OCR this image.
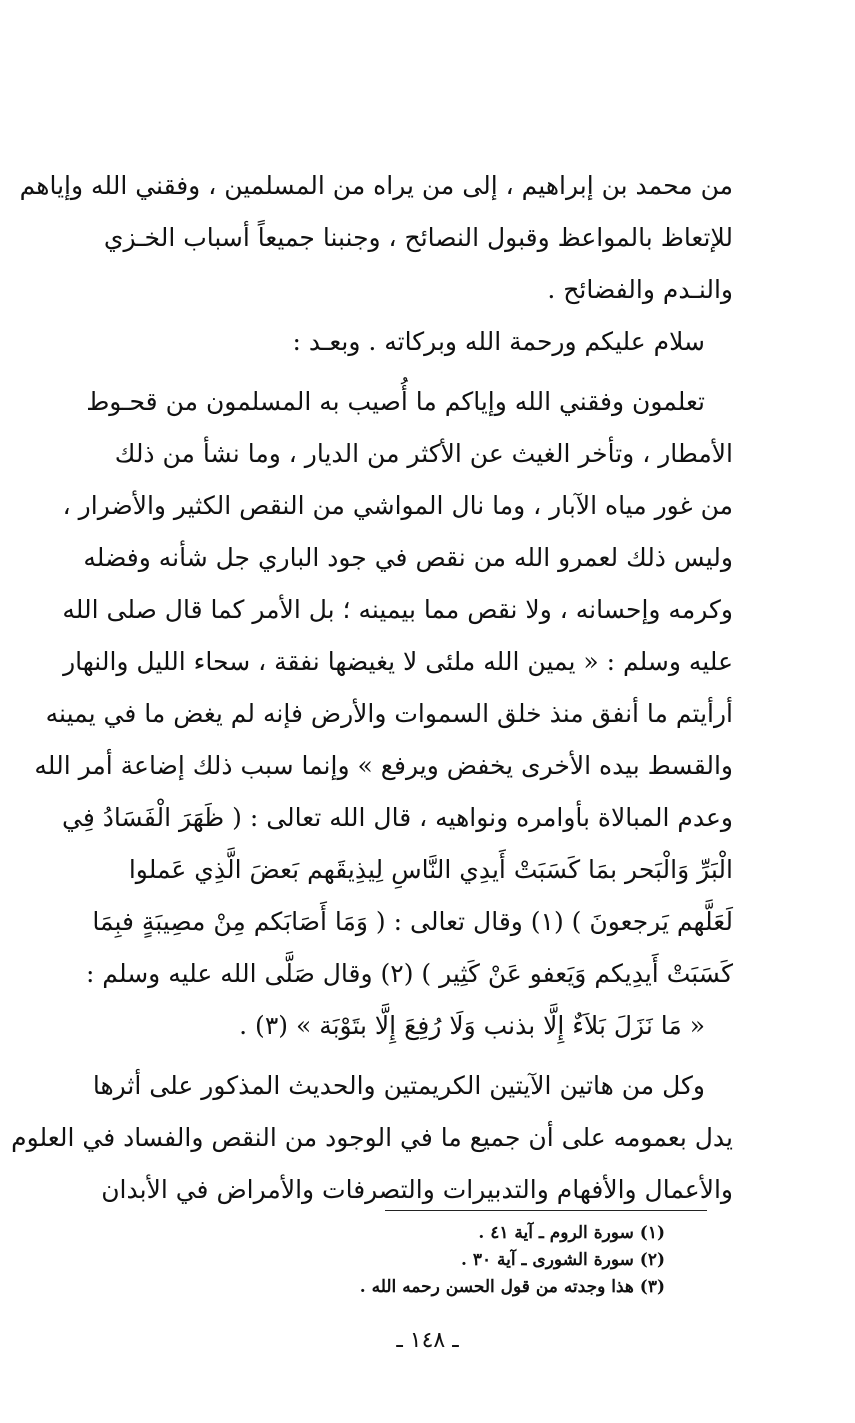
من محمد بن إبراهيم ، إلى من يراه من المسلمين ، وفقني الله وإياهم
للإتعاظ بالمواعظ وقبول النصائح ، وجنبنا جميعاً أسباب الخـزي
والنـدم والفضائح .
سلام عليكم ورحمة الله وبركاته . وبعـد :
تعلمون وفقني الله وإياكم ما أُصيب به المسلمون من قحـوط
الأمطار ، وتأخر الغيث عن الأكثر من الديار ، وما نشأ من ذلك
من غور مياه الآبار ، وما نال المواشي من النقص الكثير والأضرار ،
وليس ذلك لعمرو الله من نقص في جود الباري جل شأنه وفضله
وكرمه وإحسانه ، ولا نقص مما بيمينه ؛ بل الأمر كما قال صلى الله
عليه وسلم : « يمين الله ملئى لا يغيضها نفقة ، سحاء الليل والنهار
أرأيتم ما أنفق منذ خلق السموات والأرض فإنه لم يغض ما في يمينه
والقسط بيده الأخرى يخفض ويرفع » وإنما سبب ذلك إضاعة أمر الله
وعدم المبالاة بأوامره ونواهيه ، قال الله تعالى : ( ظَهَرَ الْفَسَادُ فِي
الْبَرِّ وَالْبَحر بمَا كَسَبَتْ أَيدِي النَّاسِ لِيذِيقَهم بَعضَ الَّذِي عَملوا
لَعَلَّهم يَرجعونَ ) (١) وقال تعالى : ( وَمَا أَصَابَكم مِنْ مصِيبَةٍ فبِمَا
كَسَبَتْ أَيدِيكم وَيَعفو عَنْ كَثِير ) (٢) وقال صَلَّى الله عليه وسلم :
« مَا نَزَلَ بَلاَءٌ إِلَّا بذنب وَلَا رُفِعَ إِلَّا بتَوْبَة » (٣) .
وكل من هاتين الآيتين الكريمتين والحديث المذكور على أثرها
يدل بعمومه على أن جميع ما في الوجود من النقص والفساد في العلوم
والأعمال والأفهام والتدبيرات والتصرفات والأمراض في الأبدان
(١) سورة الروم ـ آية ٤١ .
(٢) سورة الشورى ـ آية ٣٠ .
(٣) هذا وجدته من قول الحسن رحمه الله .
ـ ١٤٨ ـ
